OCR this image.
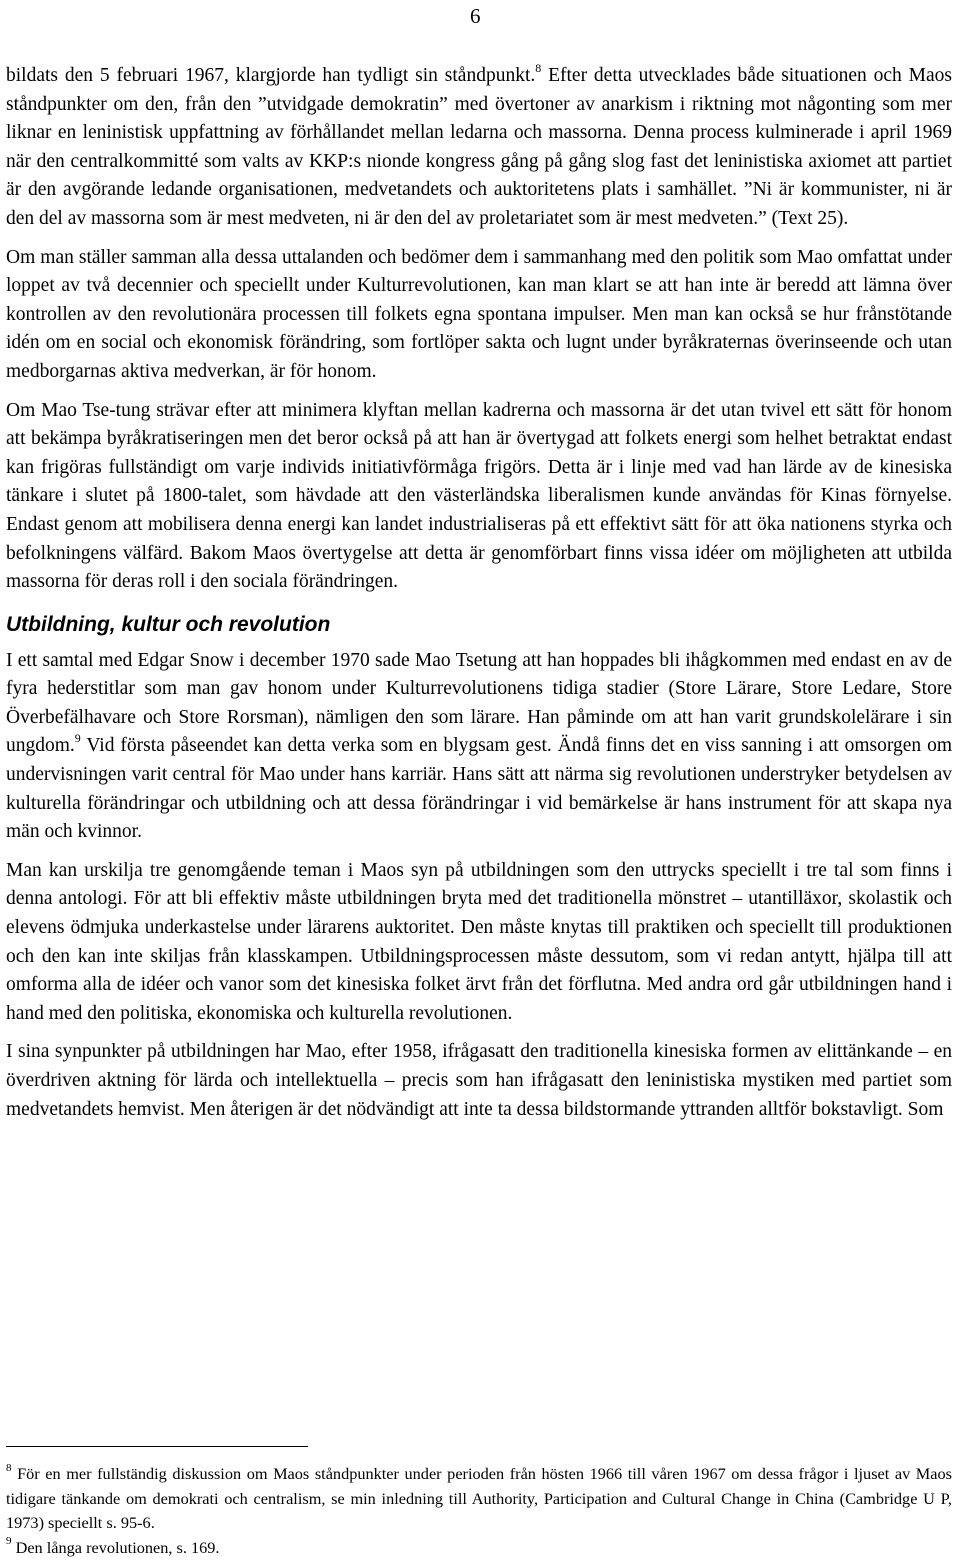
6

bildats den 5 februari 1967, klargjorde han tydligt sin ståndpunkt.$^8$ Efter detta utvecklades både situationen och Maos ståndpunkter om den, från den ”utvidgade demokratin” med övertoner av anarkism i riktning mot någonting som mer liknar en leninistisk uppfattning av förhållandet mellan ledarna och massorna. Denna process kulminerade i april 1969 när den centralkommitté som valts av KKP:s nionde kongress gång på gång slog fast det leninistiska axiomet att partiet är den avgörande ledande organisationen, medvetandets och auktoritetens plats i samhället. ”Ni är kommunister, ni är den del av massorna som är mest medveten, ni är den del av proletariatet som är mest medveten.” (Text 25).

Om man ställer samman alla dessa uttalanden och bedömer dem i sammanhang med den politik som Mao omfattat under loppet av två decennier och speciellt under Kulturrevolutionen, kan man klart se att han inte är beredd att lämna över kontrollen av den revolutionära processen till folkets egna spontana impulser. Men man kan också se hur frånstötande idén om en social och ekonomisk förändring, som fortlöper sakta och lugnt under byråkraternas överinseende och utan medborgarnas aktiva medverkan, är för honom.

Om Mao Tse-tung strävar efter att minimera klyftan mellan kadrerna och massorna är det utan tvivel ett sätt för honom att bekämpa byråkratiseringen men det beror också på att han är övertygad att folkets energi som helhet betraktat endast kan frigöras fullständigt om varje individs initiativförmåga frigörs. Detta är i linje med vad han lärde av de kinesiska tänkare i slutet på 1800-talet, som hävdade att den västerländska liberalismen kunde användas för Kinas förnyelse. Endast genom att mobilisera denna energi kan landet industrialiseras på ett effektivt sätt för att öka nationens styrka och befolkningens välfärd. Bakom Maos övertygelse att detta är genomförbart finns vissa idéer om möjligheten att utbilda massorna för deras roll i den sociala förändringen.

Utbildning, kultur och revolution

I ett samtal med Edgar Snow i december 1970 sade Mao Tsetung att han hoppades bli ihågkommen med endast en av de fyra hederstitlar som man gav honom under Kulturrevolutionens tidiga stadier (Store Lärare, Store Ledare, Store Överbefälhavare och Store Rorsman), nämligen den som lärare. Han påminde om att han varit grundskolelärare i sin ungdom.$^9$ Vid första påseendet kan detta verka som en blygsam gest. Ändå finns det en viss sanning i att omsorgen om undervisningen varit central för Mao under hans karriär. Hans sätt att närma sig revolutionen understryker betydelsen av kulturella förändringar och utbildning och att dessa förändringar i vid bemärkelse är hans instrument för att skapa nya män och kvinnor.

Man kan urskilja tre genomgående teman i Maos syn på utbildningen som den uttrycks speciellt i tre tal som finns i denna antologi. För att bli effektiv måste utbildningen bryta med det traditionella mönstret – utantilläxor, skolastik och elevens ödmjuka underkastelse under lärarens auktoritet. Den måste knytas till praktiken och speciellt till produktionen och den kan inte skiljas från klasskampen. Utbildningsprocessen måste dessutom, som vi redan antytt, hjälpa till att omforma alla de idéer och vanor som det kinesiska folket ärvt från det förflutna. Med andra ord går utbildningen hand i hand med den politiska, ekonomiska och kulturella revolutionen.

I sina synpunkter på utbildningen har Mao, efter 1958, ifrågasatt den traditionella kinesiska formen av elittänkande – en överdriven aktning för lärda och intellektuella – precis som han ifrågasatt den leninistiska mystiken med partiet som medvetandets hemvist. Men återigen är det nödvändigt att inte ta dessa bildstormande yttranden alltför bokstavligt. Som

$^8$ För en mer fullständig diskussion om Maos ståndpunkter under perioden från hösten 1966 till våren 1967 om dessa frågor i ljuset av Maos tidigare tänkande om demokrati och centralism, se min inledning till Authority, Participation and Cultural Change in China (Cambridge U P, 1973) speciellt s. 95-6.

$^9$ Den långa revolutionen, s. 169.
